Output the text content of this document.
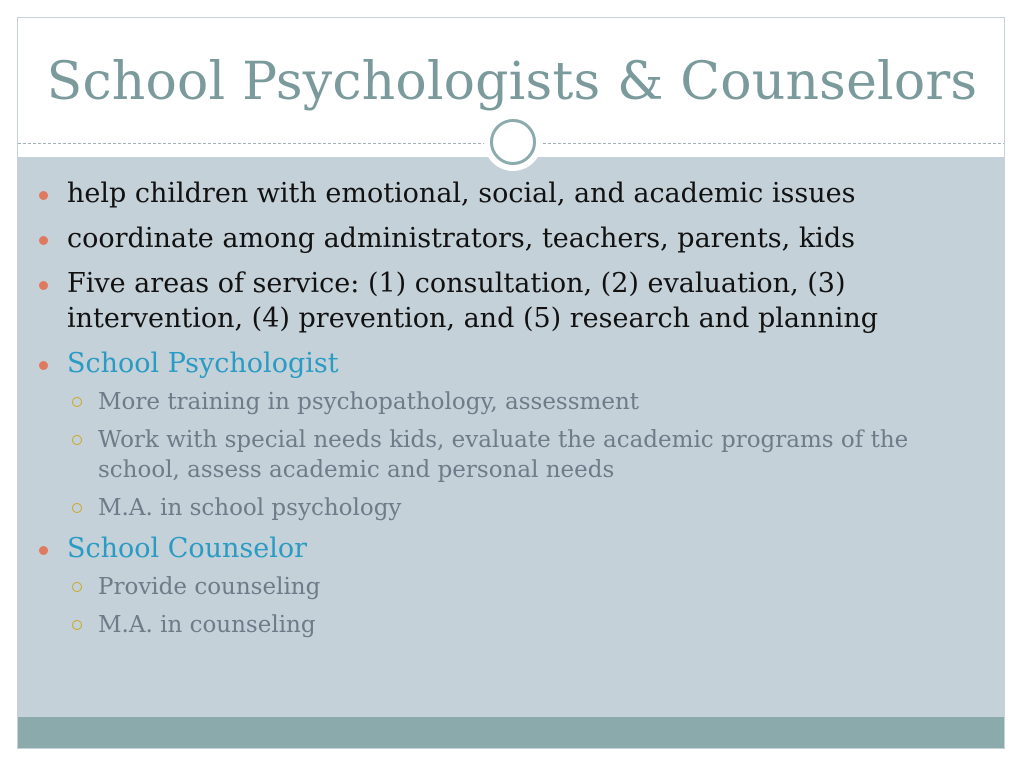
School Psychologists & Counselors
help children with emotional, social, and academic issues
coordinate among administrators, teachers, parents, kids
Five areas of service: (1) consultation, (2) evaluation, (3) intervention, (4) prevention, and (5) research and planning
School Psychologist
More training in psychopathology, assessment
Work with special needs kids, evaluate the academic programs of the school, assess academic and personal needs
M.A. in school psychology
School Counselor
Provide counseling
M.A. in counseling
